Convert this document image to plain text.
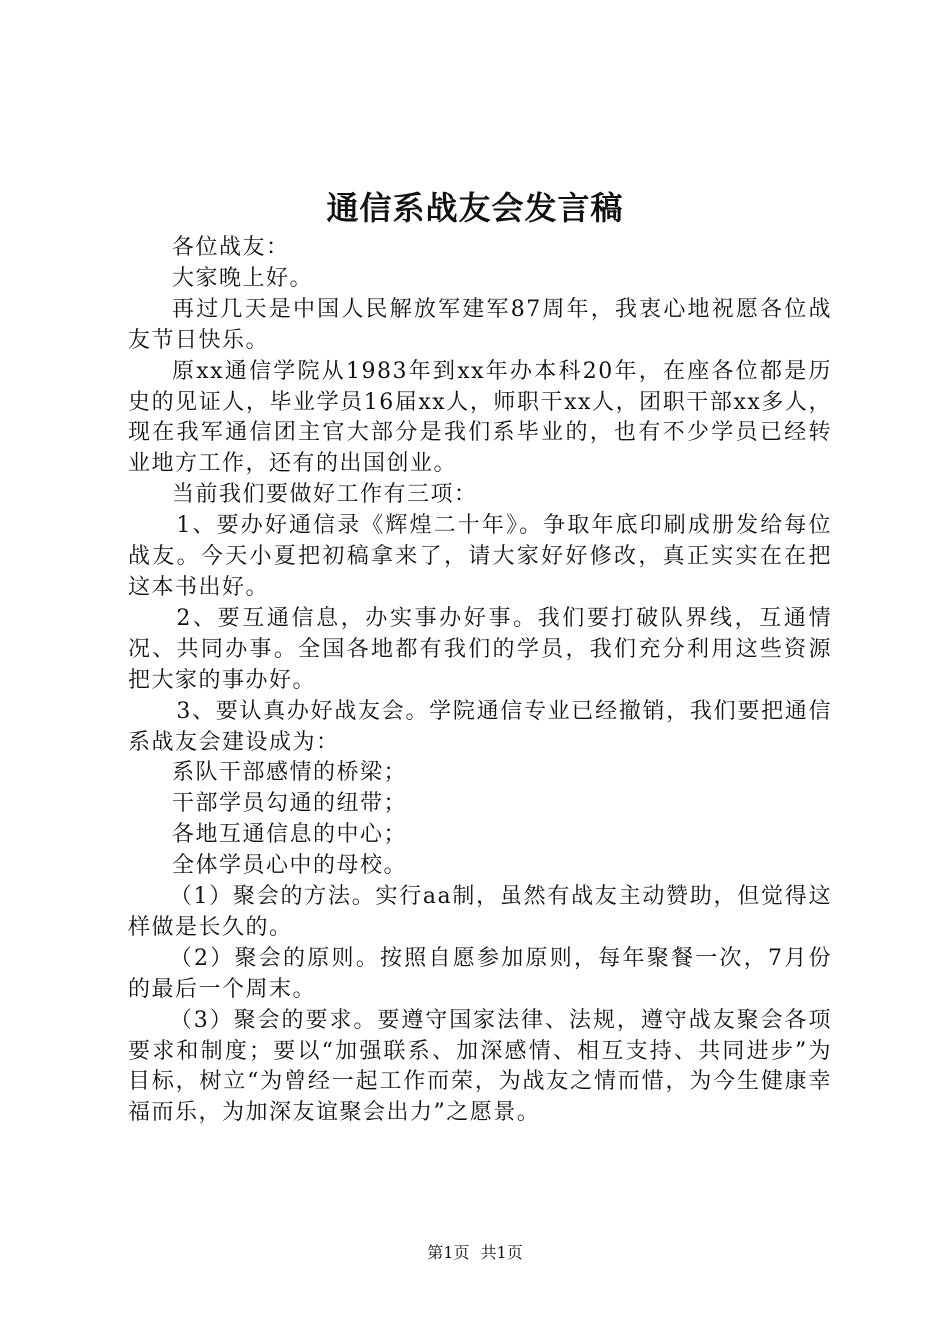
通信系战友会发言稿

各位战友：

大家晚上好。

再过几天是中国人民解放军建军87周年，我衷心地祝愿各位战友节日快乐。

原xx通信学院从1983年到xx年办本科20年，在座各位都是历史的见证人，毕业学员16届xx人，师职干xx人，团职干部xx多人，现在我军通信团主官大部分是我们系毕业的，也有不少学员已经转业地方工作，还有的出国创业。

当前我们要做好工作有三项：

1、要办好通信录《辉煌二十年》。争取年底印刷成册发给每位战友。今天小夏把初稿拿来了，请大家好好修改，真正实实在在把这本书出好。

2、要互通信息，办实事办好事。我们要打破队界线，互通情况、共同办事。全国各地都有我们的学员，我们充分利用这些资源把大家的事办好。

3、要认真办好战友会。学院通信专业已经撤销，我们要把通信系战友会建设成为：

系队干部感情的桥梁；

干部学员勾通的纽带；

各地互通信息的中心；

全体学员心中的母校。

（1）聚会的方法。实行aa制，虽然有战友主动赞助，但觉得这样做是长久的。

（2）聚会的原则。按照自愿参加原则，每年聚餐一次，7月份的最后一个周末。

（3）聚会的要求。要遵守国家法律、法规，遵守战友聚会各项要求和制度；要以“加强联系、加深感情、相互支持、共同进步”为目标，树立“为曾经一起工作而荣，为战友之情而惜，为今生健康幸福而乐，为加深友谊聚会出力”之愿景。

第1页 共1页
